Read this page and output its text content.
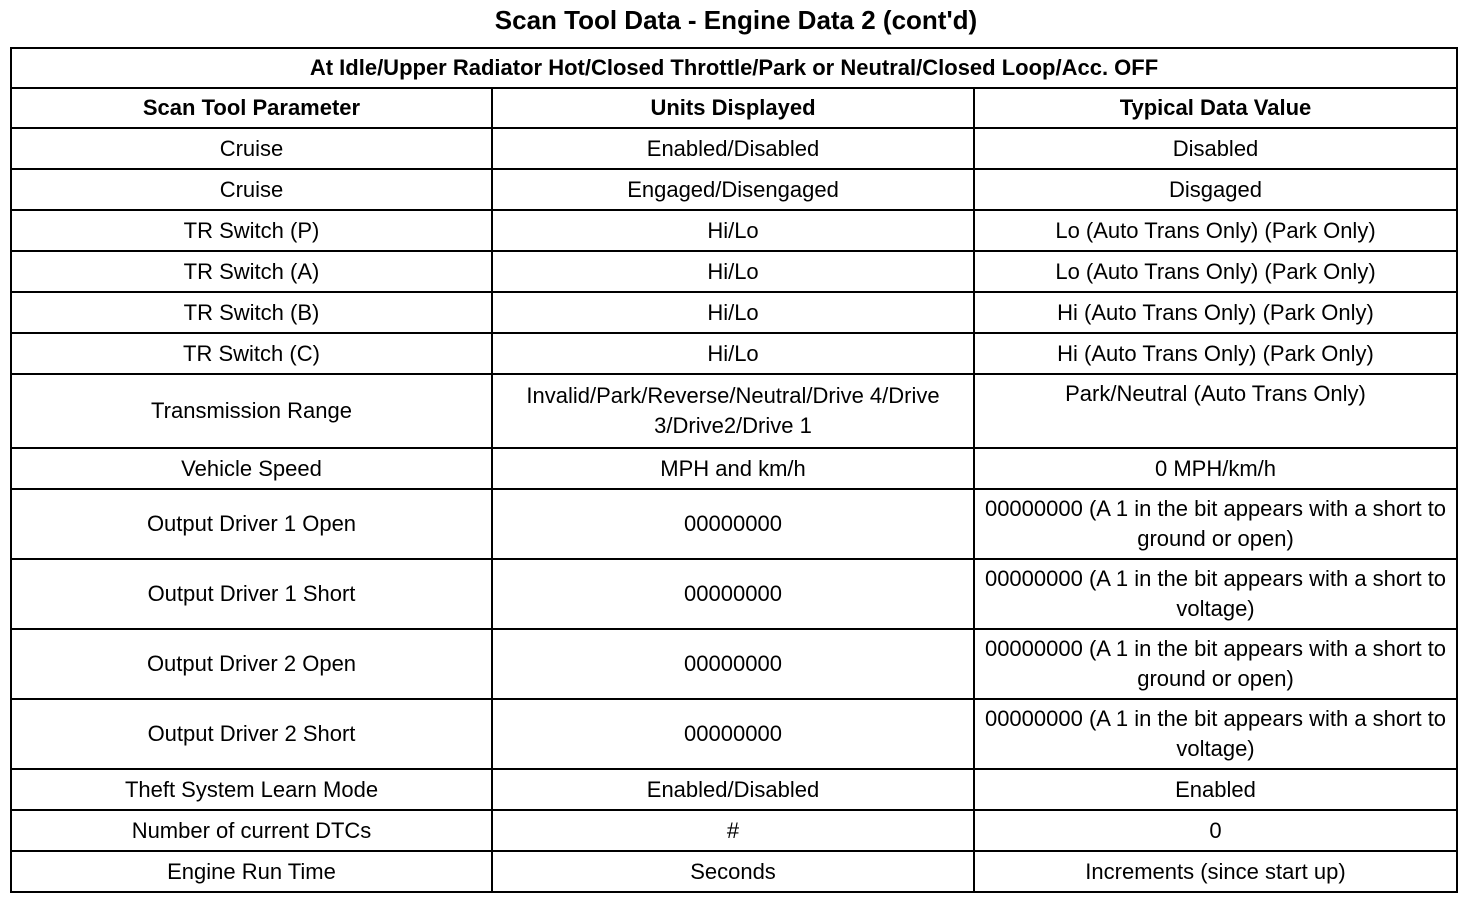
Scan Tool Data - Engine Data 2 (cont'd)
At Idle/Upper Radiator Hot/Closed Throttle/Park or Neutral/Closed Loop/Acc. OFF		
Scan Tool Parameter	Units Displayed	Typical Data Value
Cruise	Enabled/Disabled	Disabled
Cruise	Engaged/Disengaged	Disgaged
TR Switch (P)	Hi/Lo	Lo (Auto Trans Only) (Park Only)
TR Switch (A)	Hi/Lo	Lo (Auto Trans Only) (Park Only)
TR Switch (B)	Hi/Lo	Hi (Auto Trans Only) (Park Only)
TR Switch (C)	Hi/Lo	Hi (Auto Trans Only) (Park Only)
Transmission Range	Invalid/Park/Reverse/Neutral/Drive 4/Drive 3/Drive2/Drive 1	Park/Neutral (Auto Trans Only)
Vehicle Speed	MPH and km/h	0 MPH/km/h
Output Driver 1 Open	00000000	00000000 (A 1 in the bit appears with a short to ground or open)
Output Driver 1 Short	00000000	00000000 (A 1 in the bit appears with a short to voltage)
Output Driver 2 Open	00000000	00000000 (A 1 in the bit appears with a short to ground or open)
Output Driver 2 Short	00000000	00000000 (A 1 in the bit appears with a short to voltage)
Theft System Learn Mode	Enabled/Disabled	Enabled
Number of current DTCs	#	0
Engine Run Time	Seconds	Increments (since start up)
